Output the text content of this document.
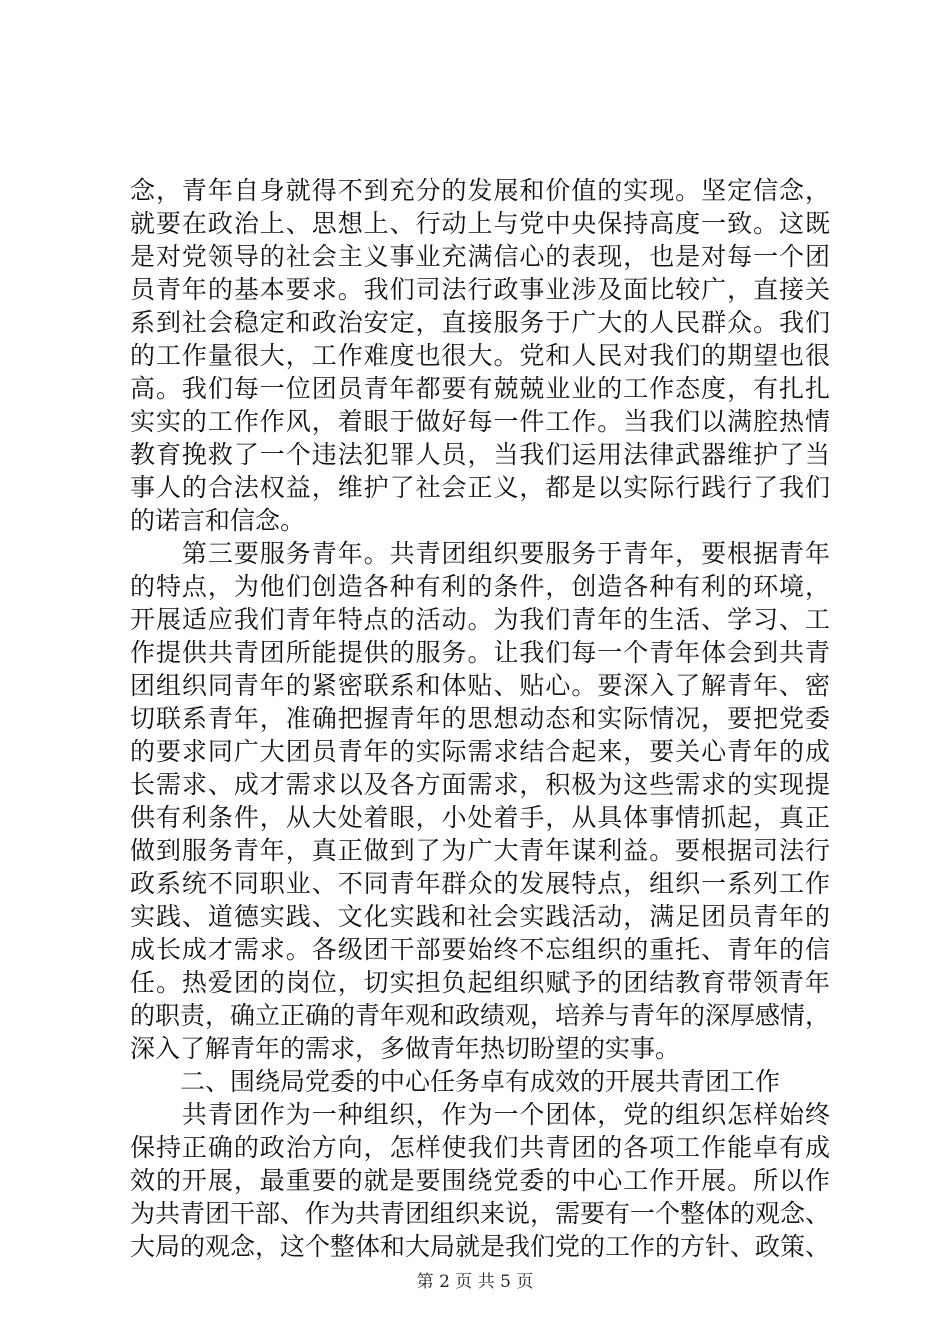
念，青年自身就得不到充分的发展和价值的实现。坚定信念，
就要在政治上、思想上、行动上与党中央保持高度一致。这既
是对党领导的社会主义事业充满信心的表现，也是对每一个团
员青年的基本要求。我们司法行政事业涉及面比较广，直接关
系到社会稳定和政治安定，直接服务于广大的人民群众。我们
的工作量很大，工作难度也很大。党和人民对我们的期望也很
高。我们每一位团员青年都要有兢兢业业的工作态度，有扎扎
实实的工作作风，着眼于做好每一件工作。当我们以满腔热情
教育挽救了一个违法犯罪人员，当我们运用法律武器维护了当
事人的合法权益，维护了社会正义，都是以实际行践行了我们
的诺言和信念。
　　第三要服务青年。共青团组织要服务于青年，要根据青年
的特点，为他们创造各种有利的条件，创造各种有利的环境，
开展适应我们青年特点的活动。为我们青年的生活、学习、工
作提供共青团所能提供的服务。让我们每一个青年体会到共青
团组织同青年的紧密联系和体贴、贴心。要深入了解青年、密
切联系青年，准确把握青年的思想动态和实际情况，要把党委
的要求同广大团员青年的实际需求结合起来，要关心青年的成
长需求、成才需求以及各方面需求，积极为这些需求的实现提
供有利条件，从大处着眼，小处着手，从具体事情抓起，真正
做到服务青年，真正做到了为广大青年谋利益。要根据司法行
政系统不同职业、不同青年群众的发展特点，组织一系列工作
实践、道德实践、文化实践和社会实践活动，满足团员青年的
成长成才需求。各级团干部要始终不忘组织的重托、青年的信
任。热爱团的岗位，切实担负起组织赋予的团结教育带领青年
的职责，确立正确的青年观和政绩观，培养与青年的深厚感情，
深入了解青年的需求，多做青年热切盼望的实事。
　　二、围绕局党委的中心任务卓有成效的开展共青团工作
　　共青团作为一种组织，作为一个团体，党的组织怎样始终
保持正确的政治方向，怎样使我们共青团的各项工作能卓有成
效的开展，最重要的就是要围绕党委的中心工作开展。所以作
为共青团干部、作为共青团组织来说，需要有一个整体的观念、
大局的观念，这个整体和大局就是我们党的工作的方针、政策、
第 2 页 共 5 页
